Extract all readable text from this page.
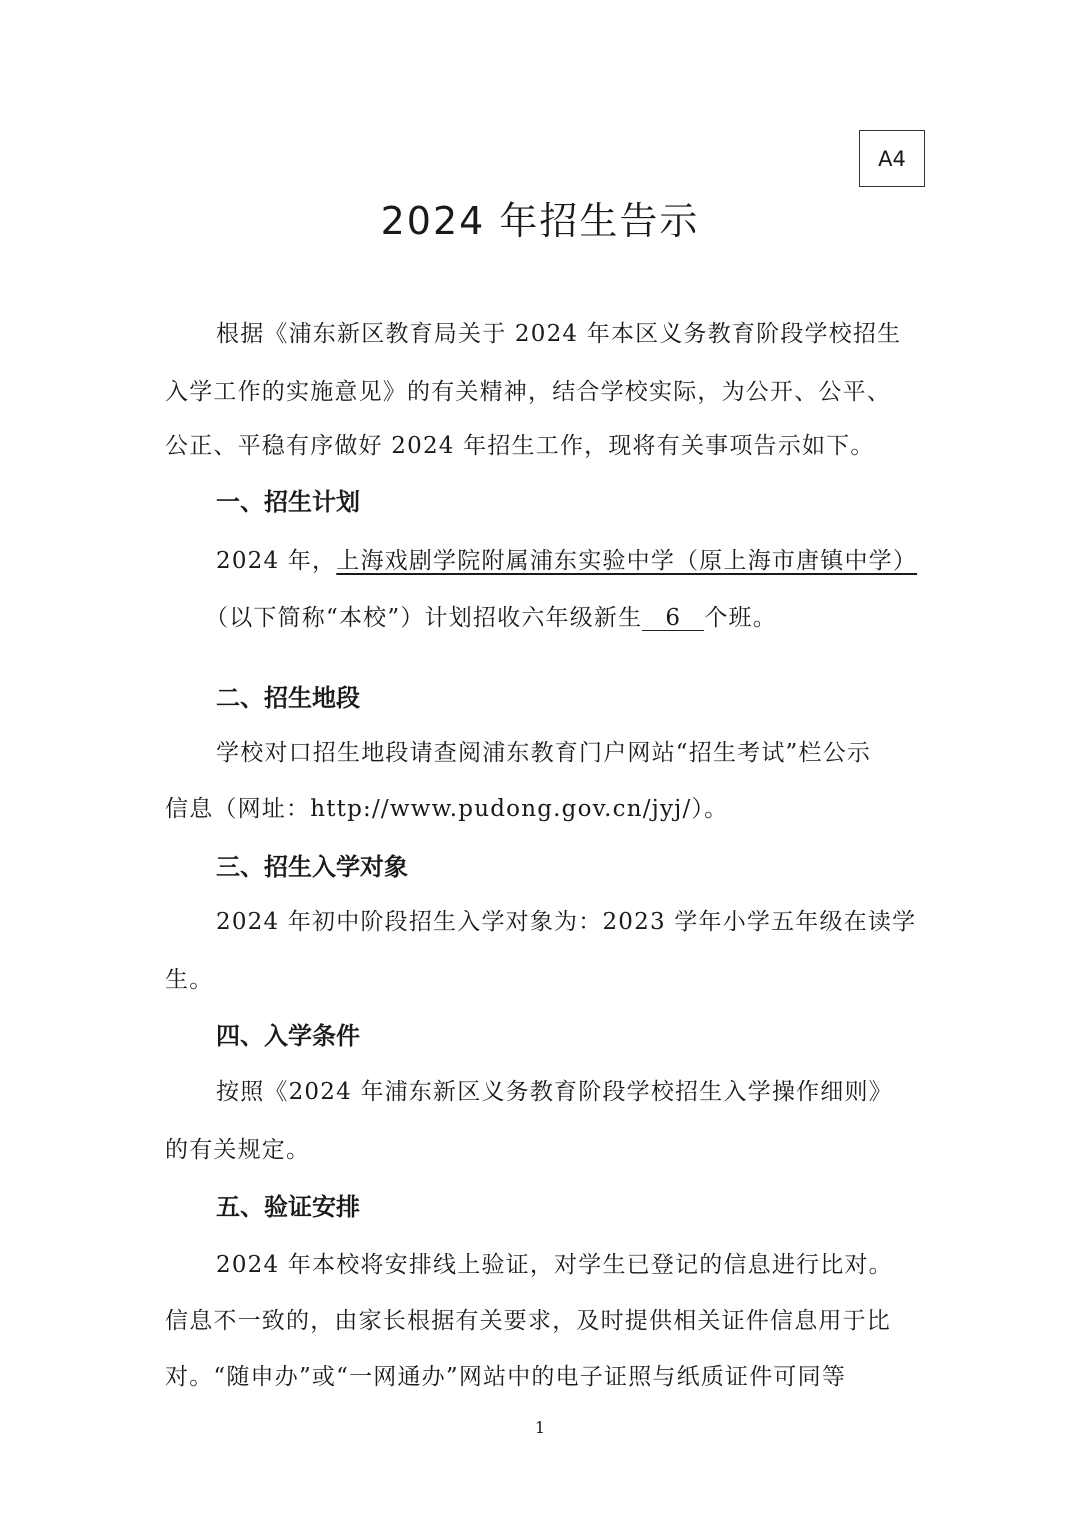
A4
2024 年招生告示
根据《浦东新区教育局关于 2024 年本区义务教育阶段学校招生
入学工作的实施意见》的有关精神，结合学校实际，为公开、公平、
公正、平稳有序做好 2024 年招生工作，现将有关事项告示如下。
一、招生计划
2024 年，上海戏剧学院附属浦东实验中学（原上海市唐镇中学）
（以下简称“本校”）计划招收六年级新生 6 个班。
二、招生地段
学校对口招生地段请查阅浦东教育门户网站“招生考试”栏公示
信息（网址：http://www.pudong.gov.cn/jyj/）。
三、招生入学对象
2024 年初中阶段招生入学对象为：2023 学年小学五年级在读学
生。
四、入学条件
按照《2024 年浦东新区义务教育阶段学校招生入学操作细则》
的有关规定。
五、验证安排
2024 年本校将安排线上验证，对学生已登记的信息进行比对。
信息不一致的，由家长根据有关要求，及时提供相关证件信息用于比
对。“随申办”或“一网通办”网站中的电子证照与纸质证件可同等
1
